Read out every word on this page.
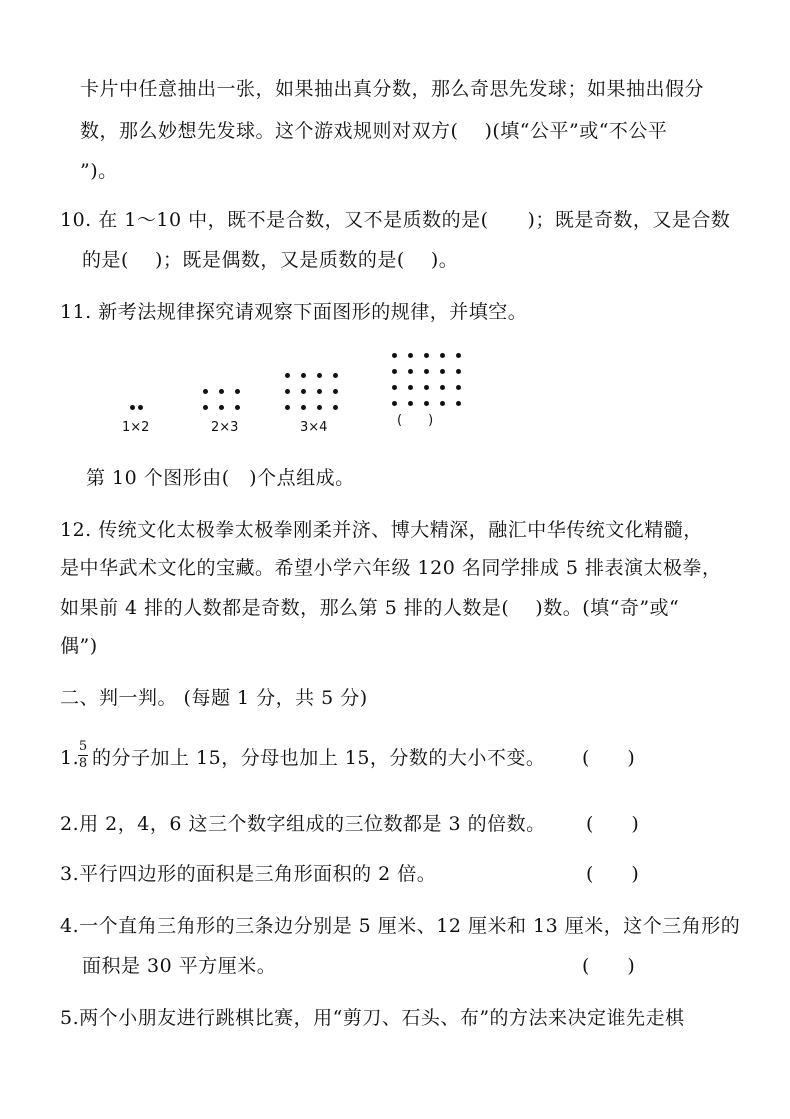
卡片中任意抽出一张，如果抽出真分数，那么奇思先发球；如果抽出假分
数，那么妙想先发球。这个游戏规则对双方(　 )(填“公平”或“不公平
”)。
10. 在 1～10 中，既不是合数，又不是质数的是(　　)；既是奇数，又是合数
的是(　 )；既是偶数，又是质数的是(　 )。
11. 新考法规律探究请观察下面图形的规律，并填空。
1×2	2×3	3×4	(　　)
第 10 个图形由(　)个点组成。
12. 传统文化太极拳太极拳刚柔并济、博大精深，融汇中华传统文化精髓，
是中华武术文化的宝藏。希望小学六年级 120 名同学排成 5 排表演太极拳，
如果前 4 排的人数都是奇数，那么第 5 排的人数是(　 )数。(填“奇”或“
偶”)
二、判一判。 (每题 1 分，共 5 分)
1.
5
8 的分子加上 15，分母也加上 15，分数的大小不变。 (　　)
2.用 2，4，6 这三个数字组成的三位数都是 3 的倍数。 (　　)
3.平行四边形的面积是三角形面积的 2 倍。	(　　)
4.一个直角三角形的三条边分别是 5 厘米、12 厘米和 13 厘米，这个三角形的
面积是 30 平方厘米。	(　　)
5.两个小朋友进行跳棋比赛，用“剪刀、石头、布”的方法来决定谁先走棋
